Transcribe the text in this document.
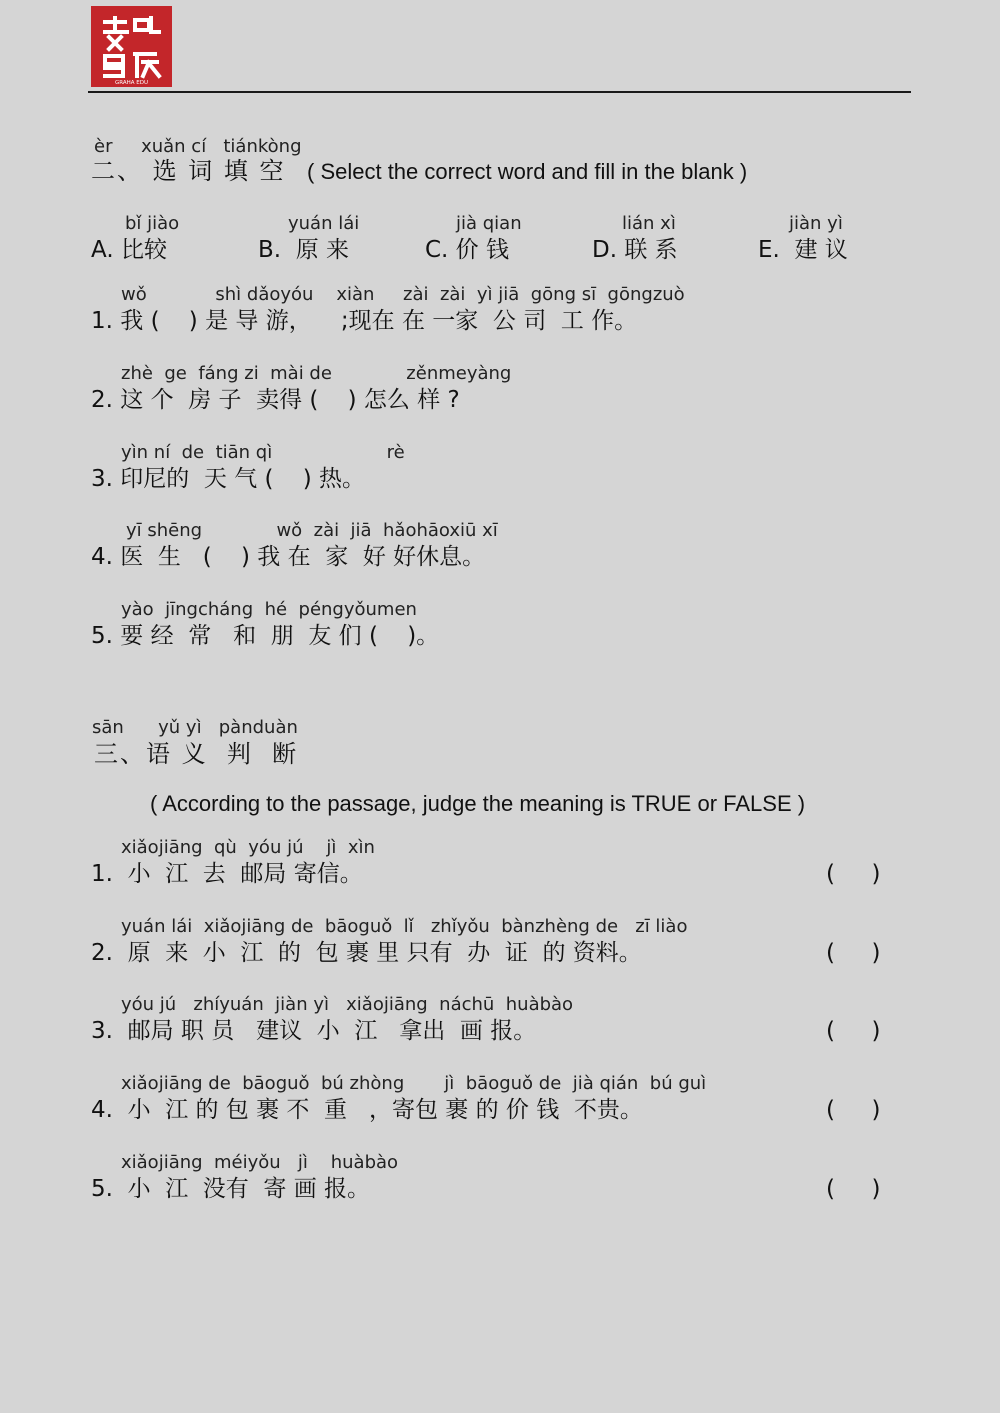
GRAHA EDU
èr     xuǎn cí   tiánkòng
二、 选 词 填 空 ( Select the correct word and fill in the blank )
bǐ jiào
A. 比较
yuán lái
B.  原 来
jià qian
C. 价 钱
lián xì
D. 联 系
jiàn yì
E.  建 议
wǒ            shì dǎoyóu    xiàn     zài  zài  yì jiā  gōng sī  gōngzuò
1. 我 (    ) 是 导 游，    ;现在 在 一家  公 司  工 作。
zhè  ge  fáng zi  mài de             zěnmeyàng
2. 这 个  房 子  卖得 (    ) 怎么 样 ?
yìn ní  de  tiān qì                    rè
3. 印尼的  天 气 (    ) 热。
yī shēng             wǒ  zài  jiā  hǎohāoxiū xī
4. 医  生   (    ) 我 在  家  好 好休息。
yào  jīngcháng  hé  péngyǒumen
5. 要 经  常   和  朋  友 们 (    )。
sān      yǔ yì   pànduàn
三、语 义  判  断
( According to the passage, judge the meaning is TRUE or FALSE )
xiǎojiāng  qù  yóu jú    jì  xìn
1.  小  江  去  邮局 寄信。	(     )
yuán lái  xiǎojiāng de  bāoguǒ  lǐ   zhǐyǒu  bànzhèng de   zī liào
2.  原  来  小  江  的  包 裹 里 只有  办  证  的 资料。	(     )
yóu jú   zhíyuán  jiàn yì   xiǎojiāng  náchū  huàbào
3.  邮局 职 员   建议  小  江   拿出  画 报。	(     )
xiǎojiāng de  bāoguǒ  bú zhòng       jì  bāoguǒ de  jià qián  bú guì
4.  小  江 的 包 裹 不  重   ，寄包 裹 的 价 钱  不贵。	(     )
xiǎojiāng  méiyǒu   jì    huàbào
5.  小  江  没有  寄 画 报。	(     )
